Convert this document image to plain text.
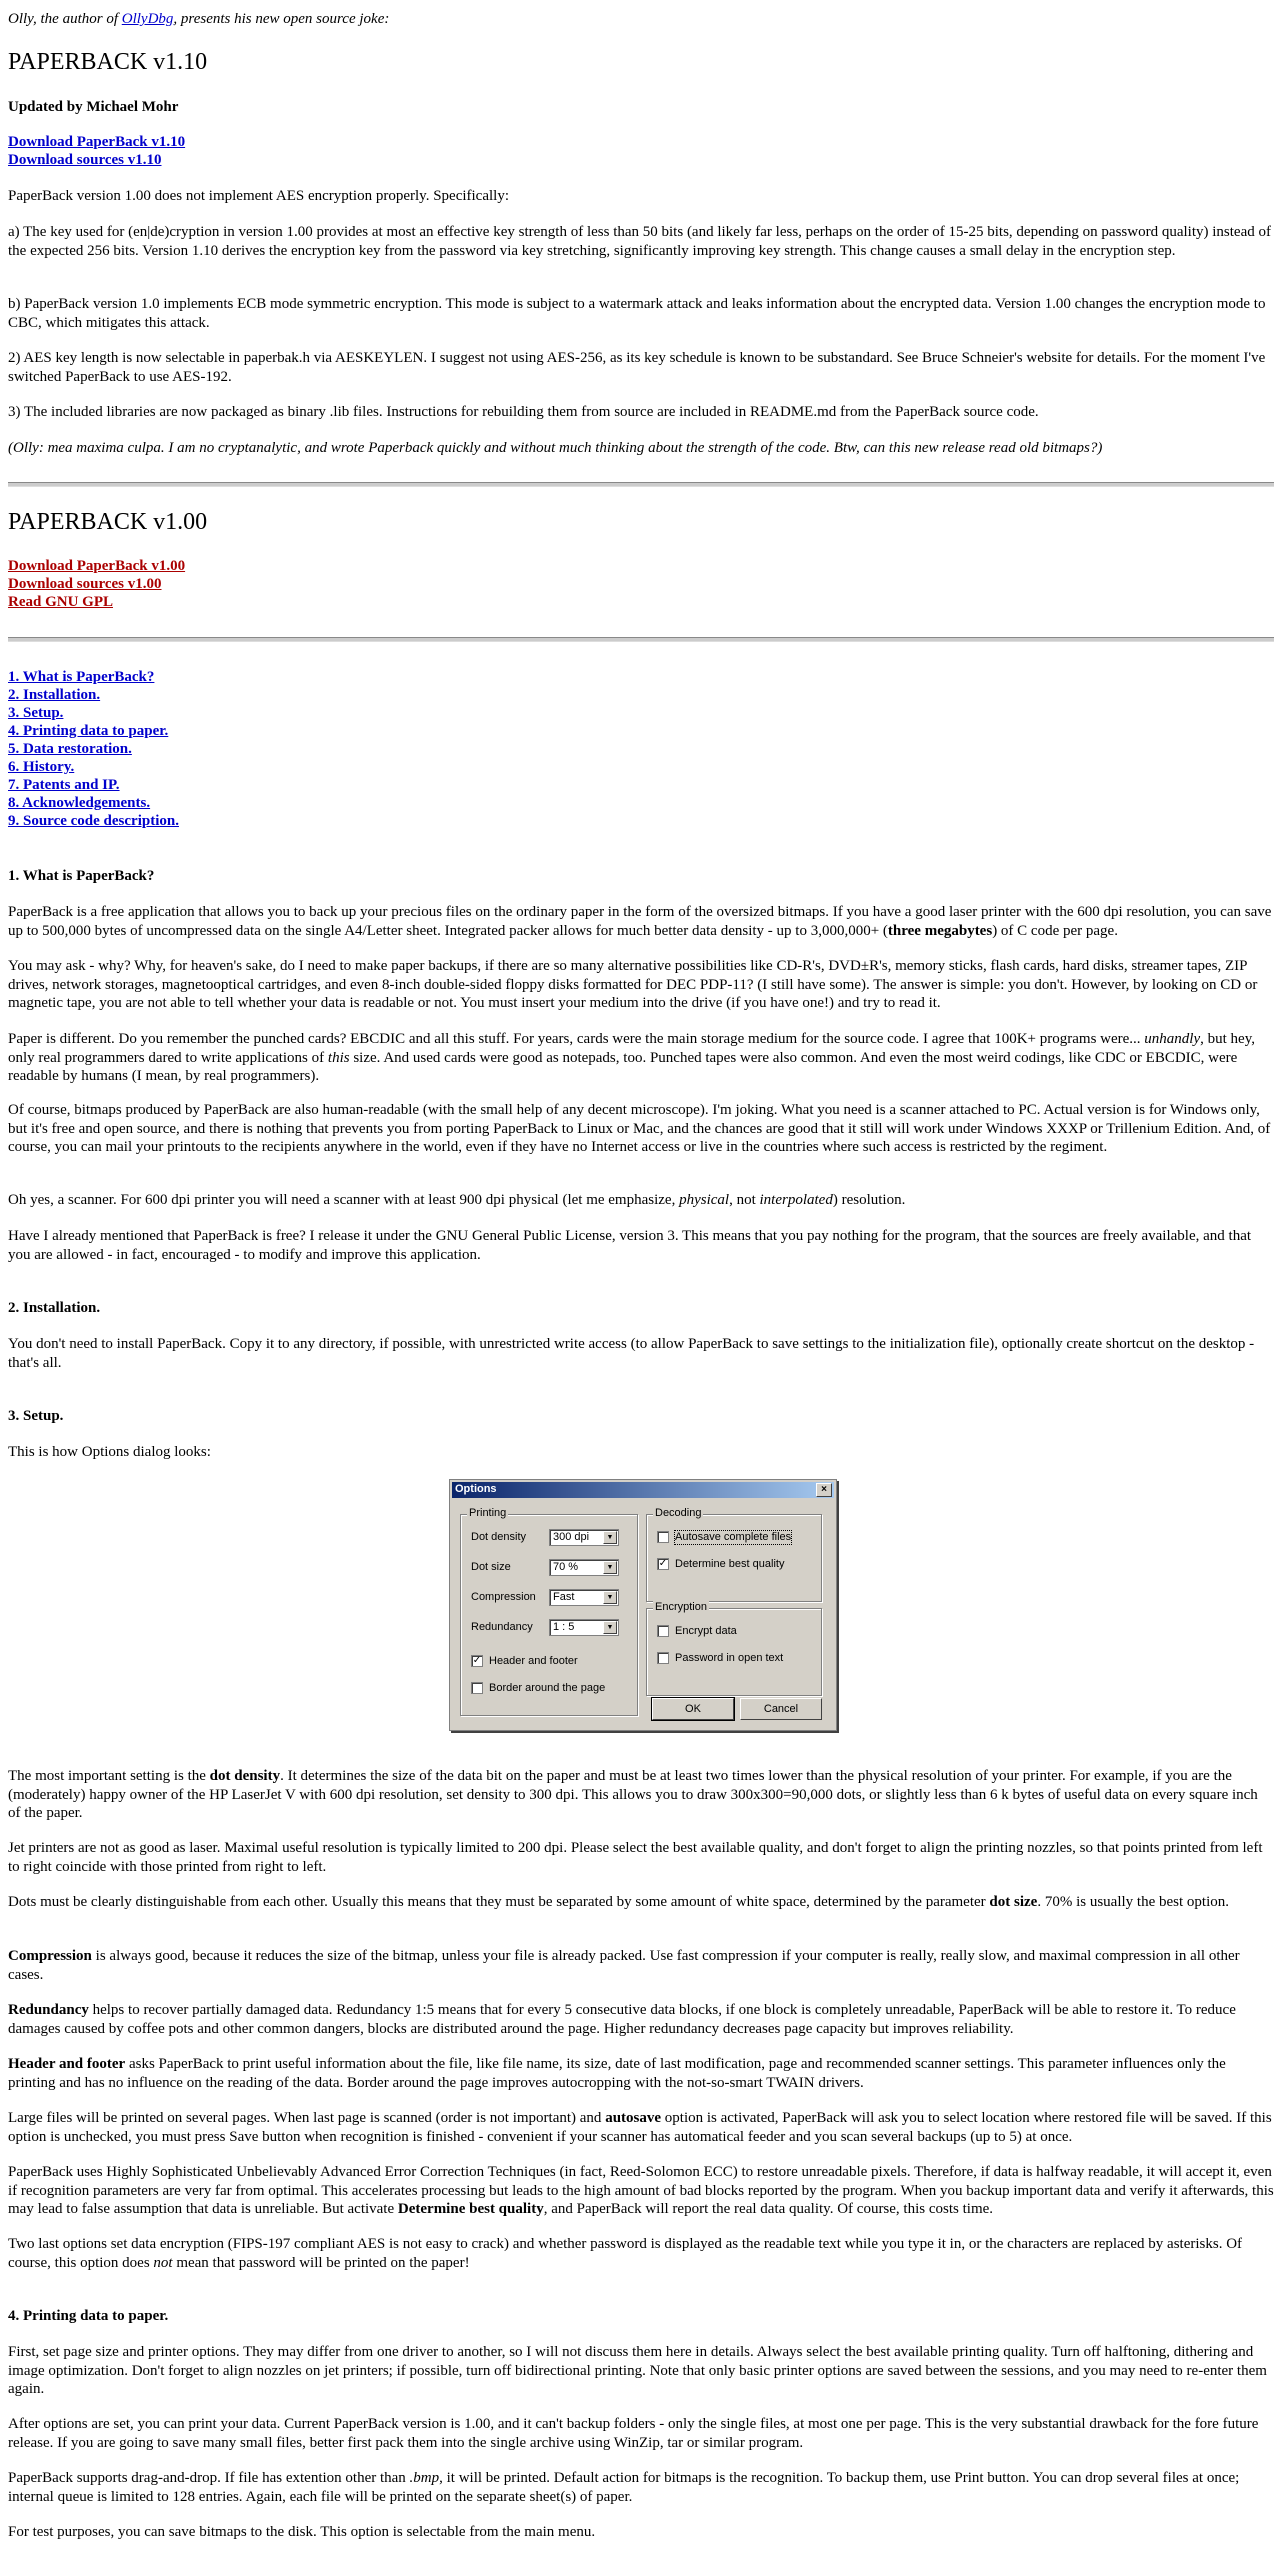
Olly, the author of OllyDbg, presents his new open source joke:

PAPERBACK v1.10
Updated by Michael Mohr
Download PaperBack v1.10
Download sources v1.10

PaperBack version 1.00 does not implement AES encryption properly. Specifically:

a) The key used for (en|de)cryption in version 1.00 provides at most an effective key strength of less than 50 bits (and likely far less, perhaps on the order of 15-25 bits, depending on password quality) instead of the expected 256 bits. Version 1.10 derives the encryption key from the password via key stretching, significantly improving key strength. This change causes a small delay in the encryption step.

b) PaperBack version 1.0 implements ECB mode symmetric encryption. This mode is subject to a watermark attack and leaks information about the encrypted data. Version 1.00 changes the encryption mode to CBC, which mitigates this attack.

2) AES key length is now selectable in paperbak.h via AESKEYLEN. I suggest not using AES-256, as its key schedule is known to be substandard. See Bruce Schneier's website for details. For the moment I've switched PaperBack to use AES-192.

3) The included libraries are now packaged as binary .lib files. Instructions for rebuilding them from source are included in README.md from the PaperBack source code.

(Olly: mea maxima culpa. I am no cryptanalytic, and wrote Paperback quickly and without much thinking about the strength of the code. Btw, can this new release read old bitmaps?)

PAPERBACK v1.00
Download PaperBack v1.00
Download sources v1.00
Read GNU GPL
1. What is PaperBack?
2. Installation.
3. Setup.
4. Printing data to paper.
5. Data restoration.
6. History.
7. Patents and IP.
8. Acknowledgements.
9. Source code description.
1. What is PaperBack?

PaperBack is a free application that allows you to back up your precious files on the ordinary paper in the form of the oversized bitmaps. If you have a good laser printer with the 600 dpi resolution, you can save up to 500,000 bytes of uncompressed data on the single A4/Letter sheet. Integrated packer allows for much better data density - up to 3,000,000+ (three megabytes) of C code per page.

You may ask - why? Why, for heaven's sake, do I need to make paper backups, if there are so many alternative possibilities like CD-R's, DVD±R's, memory sticks, flash cards, hard disks, streamer tapes, ZIP drives, network storages, magnetooptical cartridges, and even 8-inch double-sided floppy disks formatted for DEC PDP-11? (I still have some). The answer is simple: you don't. However, by looking on CD or magnetic tape, you are not able to tell whether your data is readable or not. You must insert your medium into the drive (if you have one!) and try to read it.

Paper is different. Do you remember the punched cards? EBCDIC and all this stuff. For years, cards were the main storage medium for the source code. I agree that 100K+ programs were... unhandly, but hey, only real programmers dared to write applications of this size. And used cards were good as notepads, too. Punched tapes were also common. And even the most weird codings, like CDC or EBCDIC, were readable by humans (I mean, by real programmers).

Of course, bitmaps produced by PaperBack are also human-readable (with the small help of any decent microscope). I'm joking. What you need is a scanner attached to PC. Actual version is for Windows only, but it's free and open source, and there is nothing that prevents you from porting PaperBack to Linux or Mac, and the chances are good that it still will work under Windows XXXP or Trillenium Edition. And, of course, you can mail your printouts to the recipients anywhere in the world, even if they have no Internet access or live in the countries where such access is restricted by the regiment.

Oh yes, a scanner. For 600 dpi printer you will need a scanner with at least 900 dpi physical (let me emphasize, physical, not interpolated) resolution.

Have I already mentioned that PaperBack is free? I release it under the GNU General Public License, version 3. This means that you pay nothing for the program, that the sources are freely available, and that you are allowed - in fact, encouraged - to modify and improve this application.

2. Installation.

You don't need to install PaperBack. Copy it to any directory, if possible, with unrestricted write access (to allow PaperBack to save settings to the initialization file), optionally create shortcut on the desktop - that's all.

3. Setup.

This is how Options dialog looks:

Options	×
Printing
Dot density 300 dpi	▼
Dot size	70 %	▼
Compression Fast	▼
Redundancy 1 : 5	▼
✓ Header and footer
Border around the page
Decoding
Autosave complete files
✓ Determine best quality
Encryption
Encrypt data
Password in open text
OK	Cancel

The most important setting is the dot density. It determines the size of the data bit on the paper and must be at least two times lower than the physical resolution of your printer. For example, if you are the (moderately) happy owner of the HP LaserJet V with 600 dpi resolution, set density to 300 dpi. This allows you to draw 300x300=90,000 dots, or slightly less than 6 k bytes of useful data on every square inch of the paper.

Jet printers are not as good as laser. Maximal useful resolution is typically limited to 200 dpi. Please select the best available quality, and don't forget to align the printing nozzles, so that points printed from left to right coincide with those printed from right to left.

Dots must be clearly distinguishable from each other. Usually this means that they must be separated by some amount of white space, determined by the parameter dot size. 70% is usually the best option.

Compression is always good, because it reduces the size of the bitmap, unless your file is already packed. Use fast compression if your computer is really, really slow, and maximal compression in all other cases.

Redundancy helps to recover partially damaged data. Redundancy 1:5 means that for every 5 consecutive data blocks, if one block is completely unreadable, PaperBack will be able to restore it. To reduce damages caused by coffee pots and other common dangers, blocks are distributed around the page. Higher redundancy decreases page capacity but improves reliability.

Header and footer asks PaperBack to print useful information about the file, like file name, its size, date of last modification, page and recommended scanner settings. This parameter influences only the printing and has no influence on the reading of the data. Border around the page improves autocropping with the not-so-smart TWAIN drivers.

Large files will be printed on several pages. When last page is scanned (order is not important) and autosave option is activated, PaperBack will ask you to select location where restored file will be saved. If this option is unchecked, you must press Save button when recognition is finished - convenient if your scanner has automatical feeder and you scan several backups (up to 5) at once.

PaperBack uses Highly Sophisticated Unbelievably Advanced Error Correction Techniques (in fact, Reed-Solomon ECC) to restore unreadable pixels. Therefore, if data is halfway readable, it will accept it, even if recognition parameters are very far from optimal. This accelerates processing but leads to the high amount of bad blocks reported by the program. When you backup important data and verify it afterwards, this may lead to false assumption that data is unreliable. But activate Determine best quality, and PaperBack will report the real data quality. Of course, this costs time.

Two last options set data encryption (FIPS-197 compliant AES is not easy to crack) and whether password is displayed as the readable text while you type it in, or the characters are replaced by asterisks. Of course, this option does not mean that password will be printed on the paper!

4. Printing data to paper.

First, set page size and printer options. They may differ from one driver to another, so I will not discuss them here in details. Always select the best available printing quality. Turn off halftoning, dithering and image optimization. Don't forget to align nozzles on jet printers; if possible, turn off bidirectional printing. Note that only basic printer options are saved between the sessions, and you may need to re-enter them again.

After options are set, you can print your data. Current PaperBack version is 1.00, and it can't backup folders - only the single files, at most one per page. This is the very substantial drawback for the fore future release. If you are going to save many small files, better first pack them into the single archive using WinZip, tar or similar program.

PaperBack supports drag-and-drop. If file has extention other than .bmp, it will be printed. Default action for bitmaps is the recognition. To backup them, use Print button. You can drop several files at once; internal queue is limited to 128 entries. Again, each file will be printed on the separate sheet(s) of paper.

For test purposes, you can save bitmaps to the disk. This option is selectable from the main menu.
